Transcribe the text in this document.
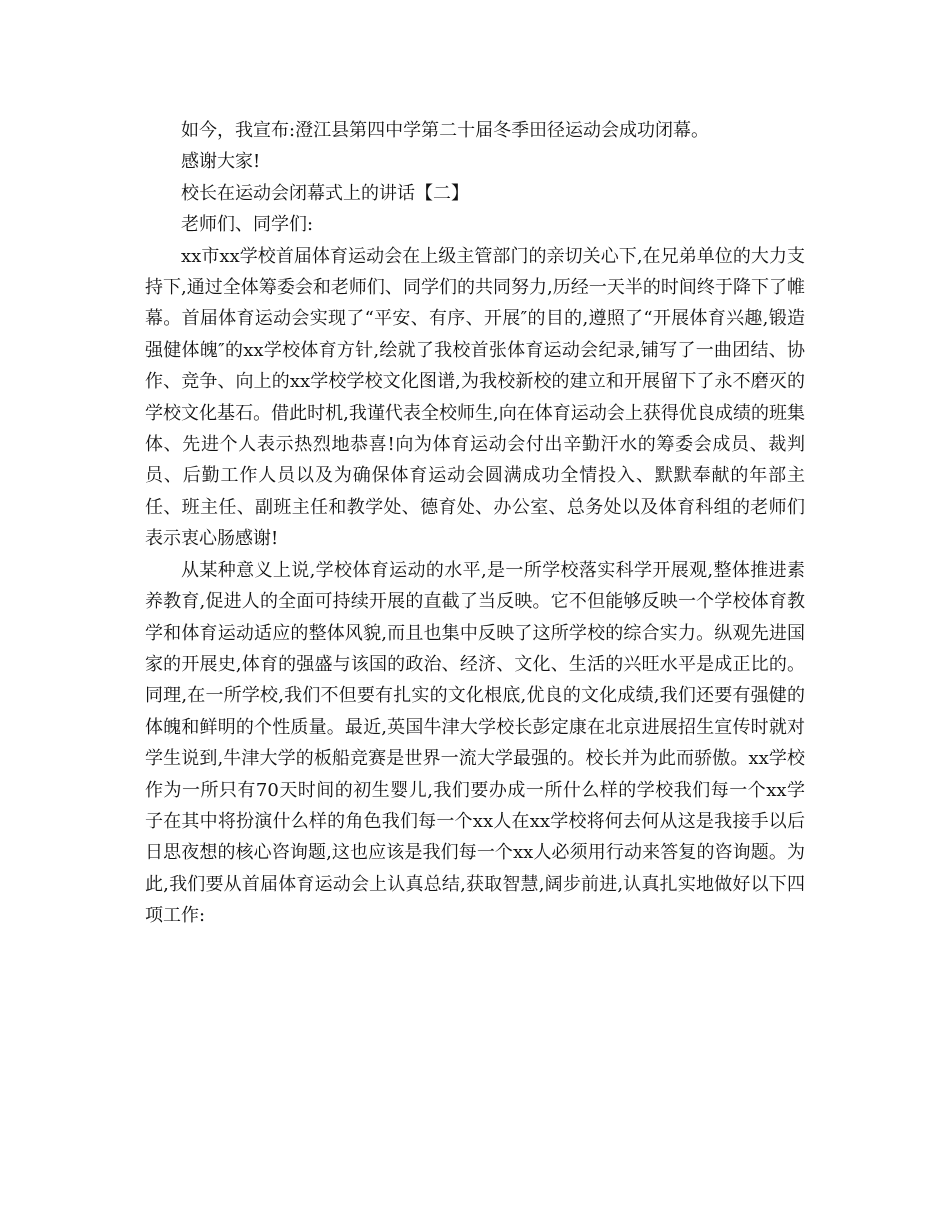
如今，我宣布:澄江县第四中学第二十届冬季田径运动会成功闭幕。

感谢大家!

校长在运动会闭幕式上的讲话【二】

老师们、同学们:

xx市xx学校首届体育运动会在上级主管部门的亲切关心下,在兄弟单位的大力支持下,通过全体筹委会和老师们、同学们的共同努力,历经一天半的时间终于降下了帷幕。首届体育运动会实现了“平安、有序、开展″的目的,遵照了“开展体育兴趣,锻造强健体魄″的xx学校体育方针,绘就了我校首张体育运动会纪录,铺写了一曲团结、协作、竞争、向上的xx学校学校文化图谱,为我校新校的建立和开展留下了永不磨灭的学校文化基石。借此时机,我谨代表全校师生,向在体育运动会上获得优良成绩的班集体、先进个人表示热烈地恭喜!向为体育运动会付出辛勤汗水的筹委会成员、裁判员、后勤工作人员以及为确保体育运动会圆满成功全情投入、默默奉献的年部主任、班主任、副班主任和教学处、德育处、办公室、总务处以及体育科组的老师们表示衷心肠感谢!

从某种意义上说,学校体育运动的水平,是一所学校落实科学开展观,整体推进素养教育,促进人的全面可持续开展的直截了当反映。它不但能够反映一个学校体育教学和体育运动适应的整体风貌,而且也集中反映了这所学校的综合实力。纵观先进国家的开展史,体育的强盛与该国的政治、经济、文化、生活的兴旺水平是成正比的。同理,在一所学校,我们不但要有扎实的文化根底,优良的文化成绩,我们还要有强健的体魄和鲜明的个性质量。最近,英国牛津大学校长彭定康在北京进展招生宣传时就对学生说到,牛津大学的板船竞赛是世界一流大学最强的。校长并为此而骄傲。xx学校作为一所只有70天时间的初生婴儿,我们要办成一所什么样的学校我们每一个xx学子在其中将扮演什么样的角色我们每一个xx人在xx学校将何去何从这是我接手以后日思夜想的核心咨询题,这也应该是我们每一个xx人必须用行动来答复的咨询题。为此,我们要从首届体育运动会上认真总结,获取智慧,阔步前进,认真扎实地做好以下四项工作:
